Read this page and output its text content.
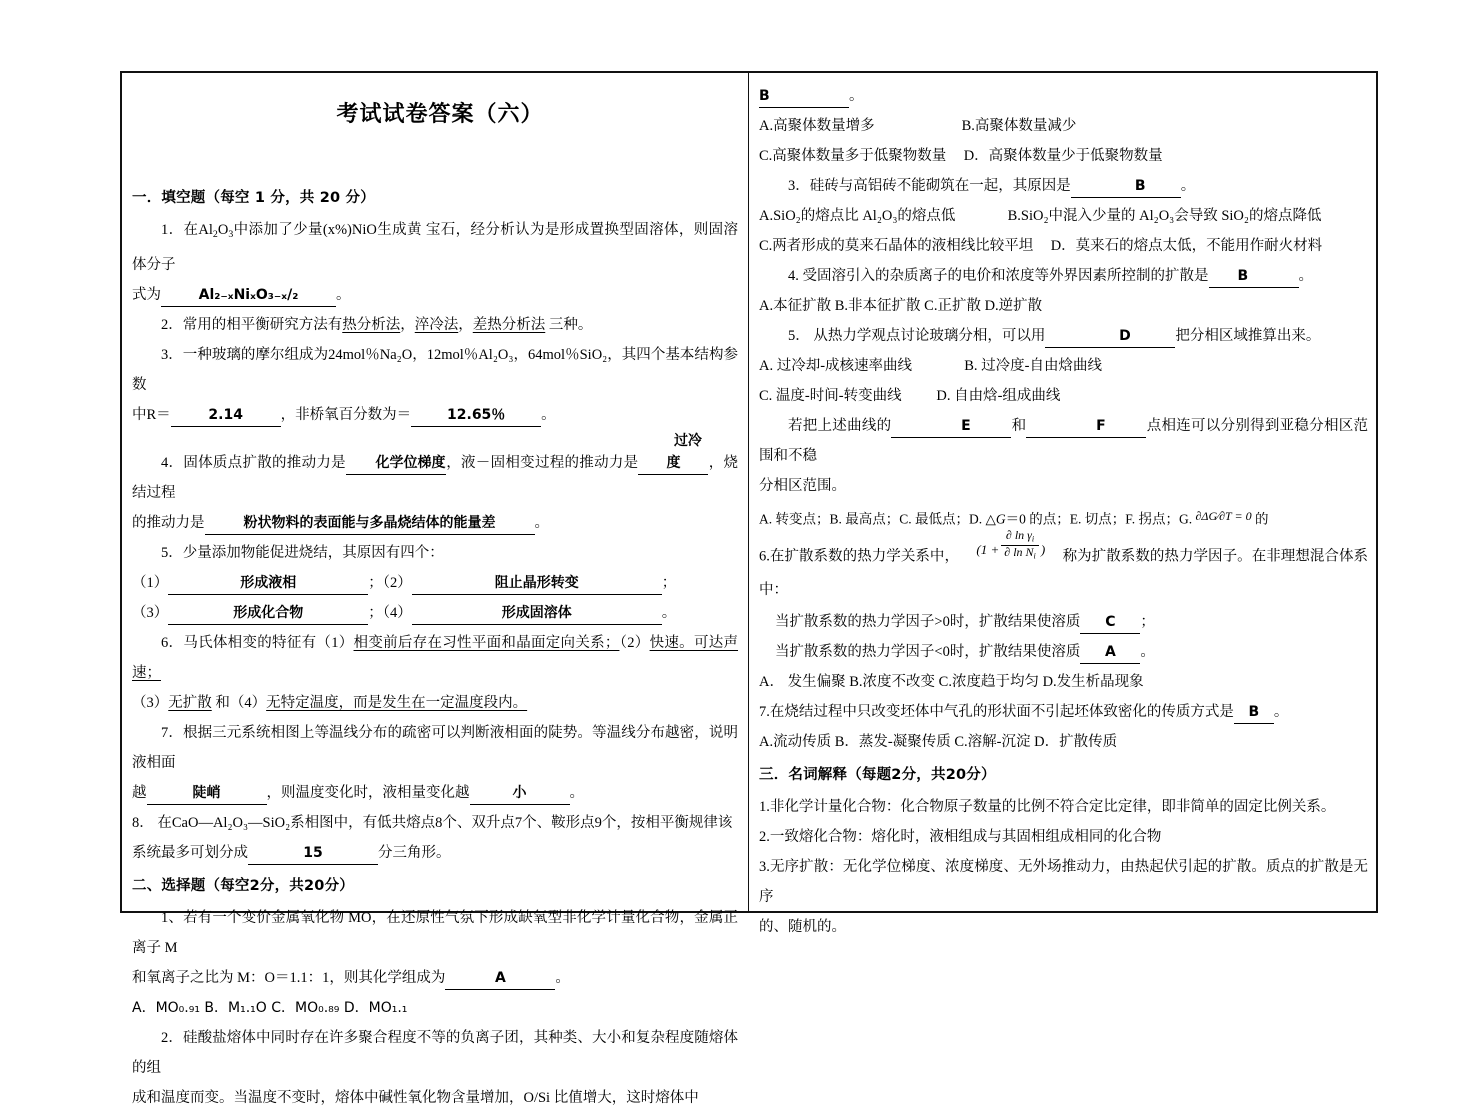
考试试卷答案（六）
一．填空题（每空 1 分，共 20 分）

1．在$Al_2O_3$中添加了少量(x%)NiO生成黄 宝石，经分析认为是形成置换型固溶体，则固溶体分子

式为	Al₂₋ₓNiₓO₃₋ₓ/₂	。

2．常用的相平衡研究方法有热分析法，淬冷法，差热分析法 三种。

3．一种玻璃的摩尔组成为24mol％Na₂O，12mol％Al₂O₃，64mol％SiO₂，其四个基本结构参数

中R＝	2.14	，非桥氧百分数为＝	12.65％ 。

4．固体质点扩散的推动力是 化学位梯度，液－固相变过程的推动力是过冷度 ，烧结过程

的推动力是	粉状物料的表面能与多晶烧结体的能量差	。

5．少量添加物能促进烧结，其原因有四个：

（1）	形成液相	；（2）	阻止晶形转变	；

（3）	形成化合物	；（4）	形成固溶体	。

6．马氏体相变的特征有（1）相变前后存在习性平面和晶面定向关系；（2）快速。可达声速；

（3）无扩散 和（4）无特定温度，而是发生在一定温度段内。

7．根据三元系统相图上等温线分布的疏密可以判断液相面的陡势。等温线分布越密，说明液相面

越	陡峭	，则温度变化时，液相量变化越	小	。

8． 在CaO—Al₂O₃—SiO₂系相图中，有低共熔点8个、双升点7个、鞍形点9个，按相平衡规律该

系统最多可划分成	15	分三角形。

二、选择题（每空2分，共20分）

1、若有一个变价金属氧化物 MO，在还原性气氛下形成缺氧型非化学计量化合物，金属正离子 M

和氧离子之比为 M：O＝1.1：1，则其化学组成为	A	。

A．MO₀.₉₁ B．M₁.₁O C．MO₀.₈₉ D．MO₁.₁

2．硅酸盐熔体中同时存在许多聚合程度不等的负离子团，其种类、大小和复杂程度随熔体的组

成和温度而变。当温度不变时，熔体中碱性氧化物含量增加，O/Si 比值增大，这时熔体中

B	。

A.高聚体数量增多	B.高聚体数量减少

C.高聚体数量多于低聚物数量 D．高聚体数量少于低聚物数量

3．硅砖与高铝砖不能砌筑在一起，其原因是	B 。

A.SiO₂的熔点比 Al₂O₃的熔点低	B.SiO₂中混入少量的 Al₂O₃会导致 SiO₂的熔点降低

C.两者形成的莫来石晶体的液相线比较平坦 D．莫来石的熔点太低，不能用作耐火材料

4. 受固溶引入的杂质离子的电价和浓度等外界因素所控制的扩散是 B	。

A.本征扩散 B.非本征扩散 C.正扩散 D.逆扩散

5． 从热力学观点讨论玻璃分相，可以用	D	把分相区域推算出来。

A. 过冷却-成核速率曲线	B. 过冷度-自由焓曲线

C. 温度-时间-转变曲线 D. 自由焓-组成曲线

若把上述曲线的	E	和	F	点相连可以分别得到亚稳分相区范围和不稳

分相区范围。

A. 转变点；B. 最高点；C. 最低点；D. △G＝0 的点；E. 切点；F. 拐点；G. ∂ΔG⁄∂T = 0 的

6.在扩散系数的热力学关系中， ($1 + \frac{\partial \ln \gamma_i}{\partial \ln N_i}$ ) 称为扩散系数的热力学因子。在非理想混合体系中：

当扩散系数的热力学因子>0时，扩散结果使溶质 C ；

当扩散系数的热力学因子<0时，扩散结果使溶质 A 。

A． 发生偏聚 B.浓度不改变 C.浓度趋于均匀 D.发生析晶现象

7.在烧结过程中只改变坯体中气孔的形状面不引起坯体致密化的传质方式是 B 。

A.流动传质 B．蒸发-凝聚传质 C.溶解-沉淀 D．扩散传质

三．名词解释（每题2分，共20分）

1.非化学计量化合物：化合物原子数量的比例不符合定比定律，即非简单的固定比例关系。

2.一致熔化合物：熔化时，液相组成与其固相组成相同的化合物

3.无序扩散：无化学位梯度、浓度梯度、无外场推动力，由热起伏引起的扩散。质点的扩散是无序

的、随机的。
